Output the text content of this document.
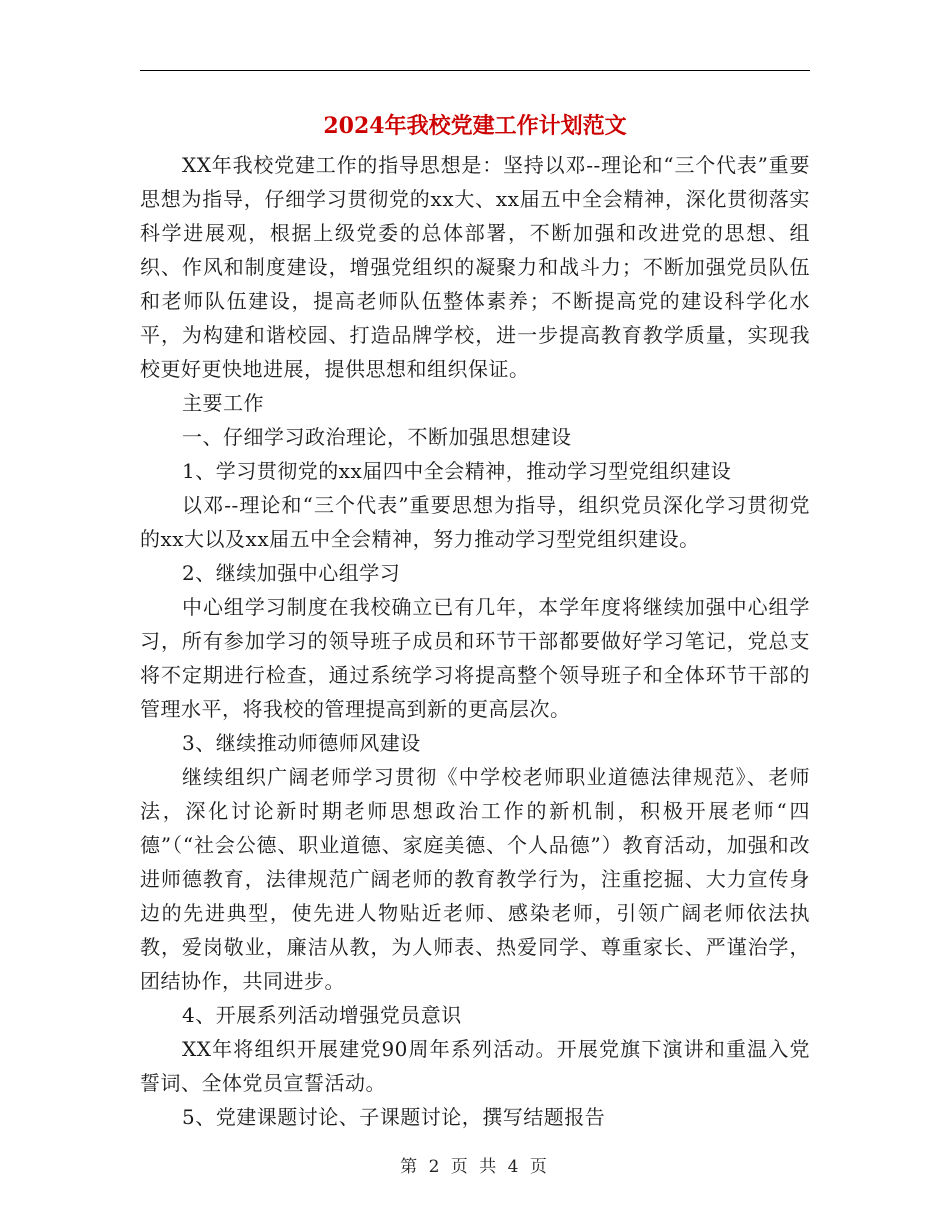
2024年我校党建工作计划范文

XX年我校党建工作的指导思想是：坚持以邓--理论和“三个代表”重要思想为指导，仔细学习贯彻党的xx大、xx届五中全会精神，深化贯彻落实科学进展观，根据上级党委的总体部署，不断加强和改进党的思想、组织、作风和制度建设，增强党组织的凝聚力和战斗力；不断加强党员队伍和老师队伍建设，提高老师队伍整体素养；不断提高党的建设科学化水平，为构建和谐校园、打造品牌学校，进一步提高教育教学质量，实现我校更好更快地进展，提供思想和组织保证。

主要工作

一、仔细学习政治理论，不断加强思想建设

1、学习贯彻党的xx届四中全会精神，推动学习型党组织建设

以邓--理论和“三个代表”重要思想为指导，组织党员深化学习贯彻党的xx大以及xx届五中全会精神，努力推动学习型党组织建设。

2、继续加强中心组学习

中心组学习制度在我校确立已有几年，本学年度将继续加强中心组学习，所有参加学习的领导班子成员和环节干部都要做好学习笔记，党总支将不定期进行检查，通过系统学习将提高整个领导班子和全体环节干部的管理水平，将我校的管理提高到新的更高层次。

3、继续推动师德师风建设

继续组织广阔老师学习贯彻《中学校老师职业道德法律规范》、老师法，深化讨论新时期老师思想政治工作的新机制，积极开展老师“四德”（“社会公德、职业道德、家庭美德、个人品德”）教育活动，加强和改进师德教育，法律规范广阔老师的教育教学行为，注重挖掘、大力宣传身边的先进典型，使先进人物贴近老师、感染老师，引领广阔老师依法执教，爱岗敬业，廉洁从教，为人师表、热爱同学、尊重家长、严谨治学，团结协作，共同进步。

4、开展系列活动增强党员意识

XX年将组织开展建党90周年系列活动。开展党旗下演讲和重温入党誓词、全体党员宣誓活动。

5、党建课题讨论、子课题讨论，撰写结题报告

第 2 页 共 4 页
